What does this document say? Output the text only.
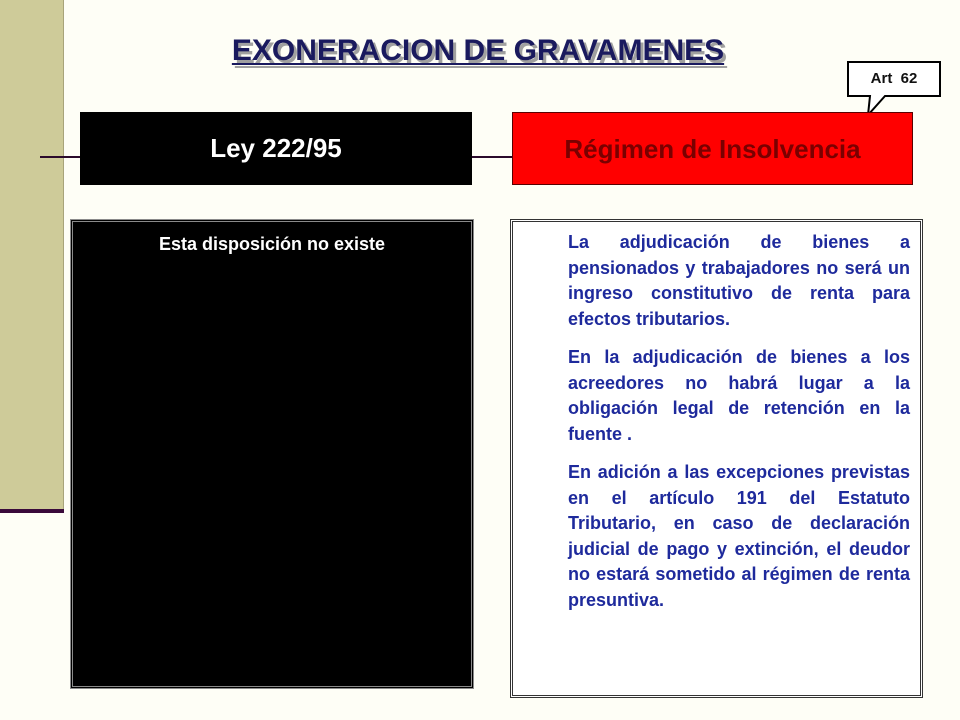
EXONERACION DE GRAVAMENES
Art  62
Ley 222/95	Régimen de Insolvencia
Esta disposición no existe	La adjudicación de bienes a pensionados y trabajadores no será un ingreso constitutivo de renta para efectos tributarios.

En la adjudicación de bienes a los acreedores no habrá lugar a la obligación legal de retención en la fuente .

En adición a las excepciones previstas en el artículo 191 del Estatuto Tributario, en caso de declaración judicial de pago y extinción, el deudor no estará sometido al régimen de renta presuntiva.
